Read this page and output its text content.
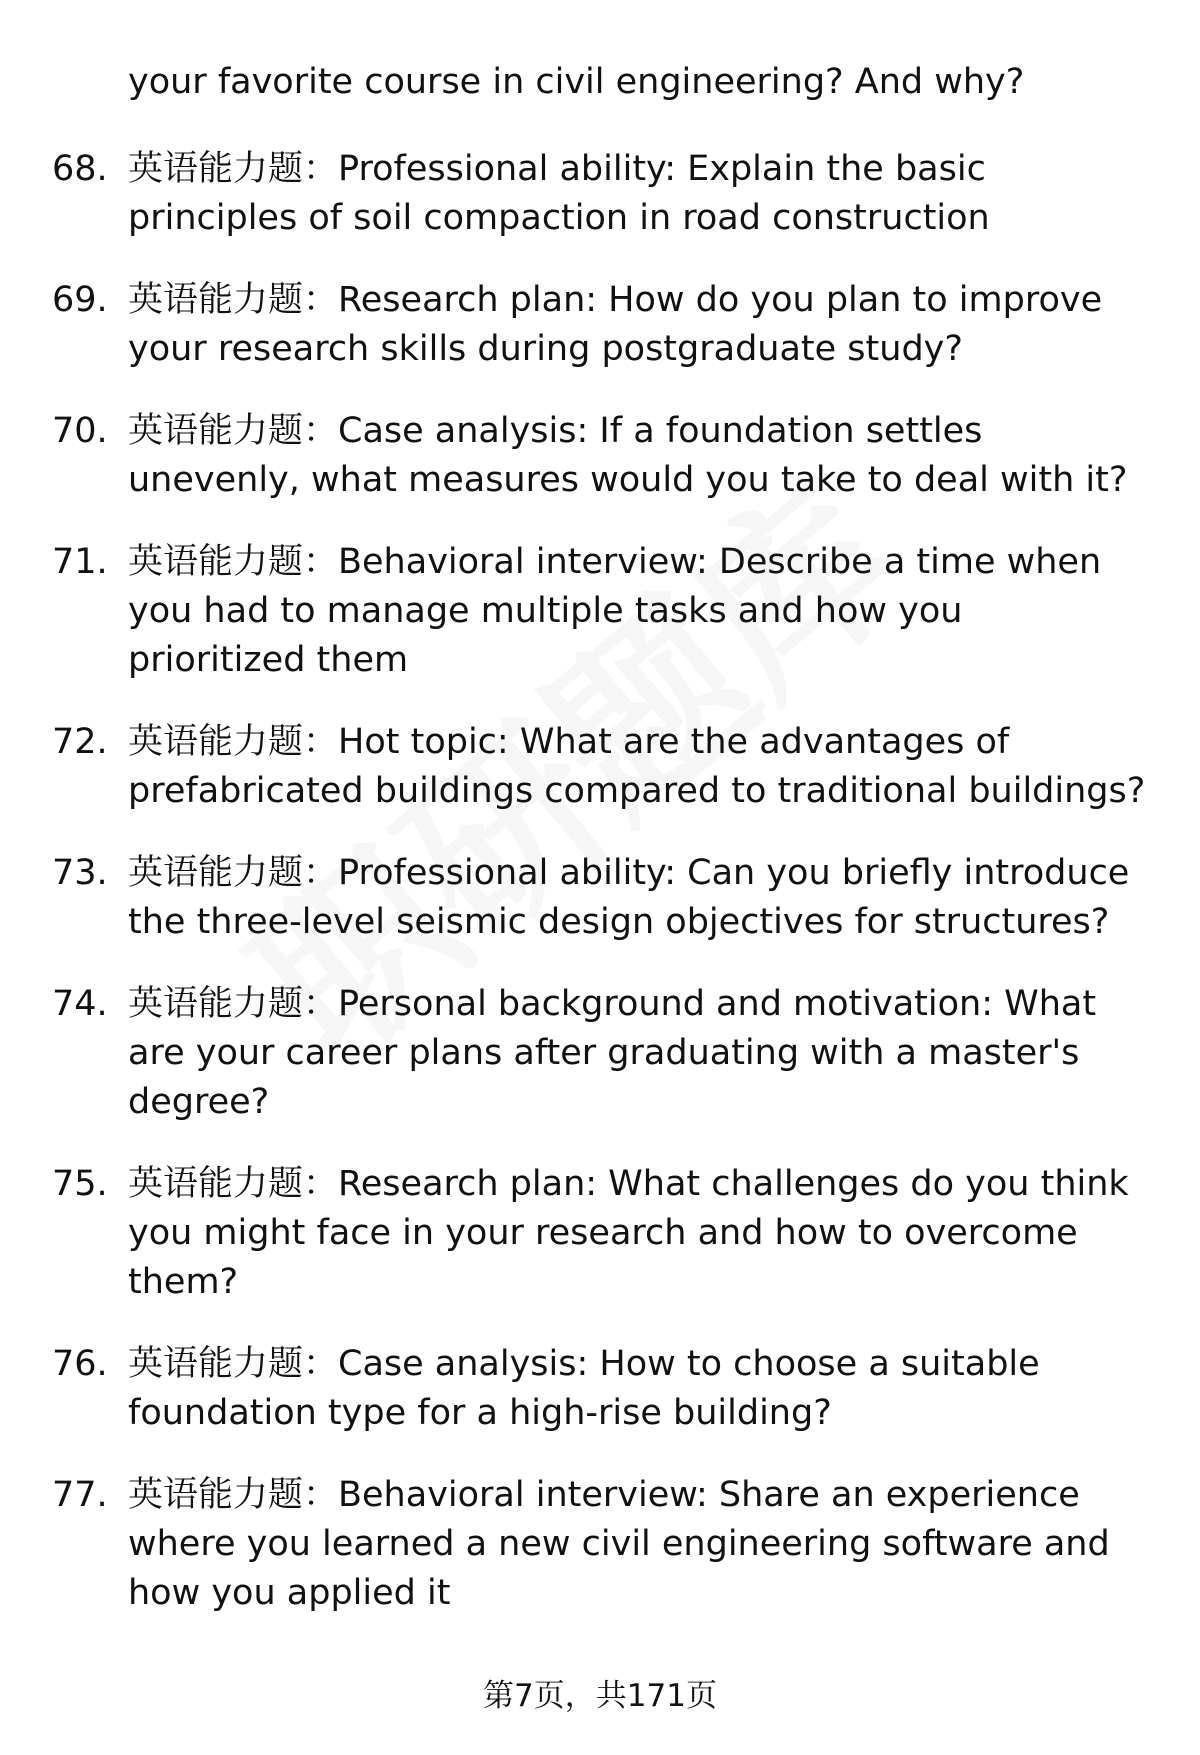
your favorite course in civil engineering? And why?
68. 英语能力题：Professional ability: Explain the basic principles of soil compaction in road construction
69. 英语能力题：Research plan: How do you plan to improve your research skills during postgraduate study?
70. 英语能力题：Case analysis: If a foundation settles unevenly, what measures would you take to deal with it?
71. 英语能力题：Behavioral interview: Describe a time when you had to manage multiple tasks and how you prioritized them
72. 英语能力题：Hot topic: What are the advantages of prefabricated buildings compared to traditional buildings?
73. 英语能力题：Professional ability: Can you briefly introduce the three-level seismic design objectives for structures?
74. 英语能力题：Personal background and motivation: What are your career plans after graduating with a master's degree?
75. 英语能力题：Research plan: What challenges do you think you might face in your research and how to overcome them?
76. 英语能力题：Case analysis: How to choose a suitable foundation type for a high-rise building?
77. 英语能力题：Behavioral interview: Share an experience where you learned a new civil engineering software and how you applied it
第7页，共171页
